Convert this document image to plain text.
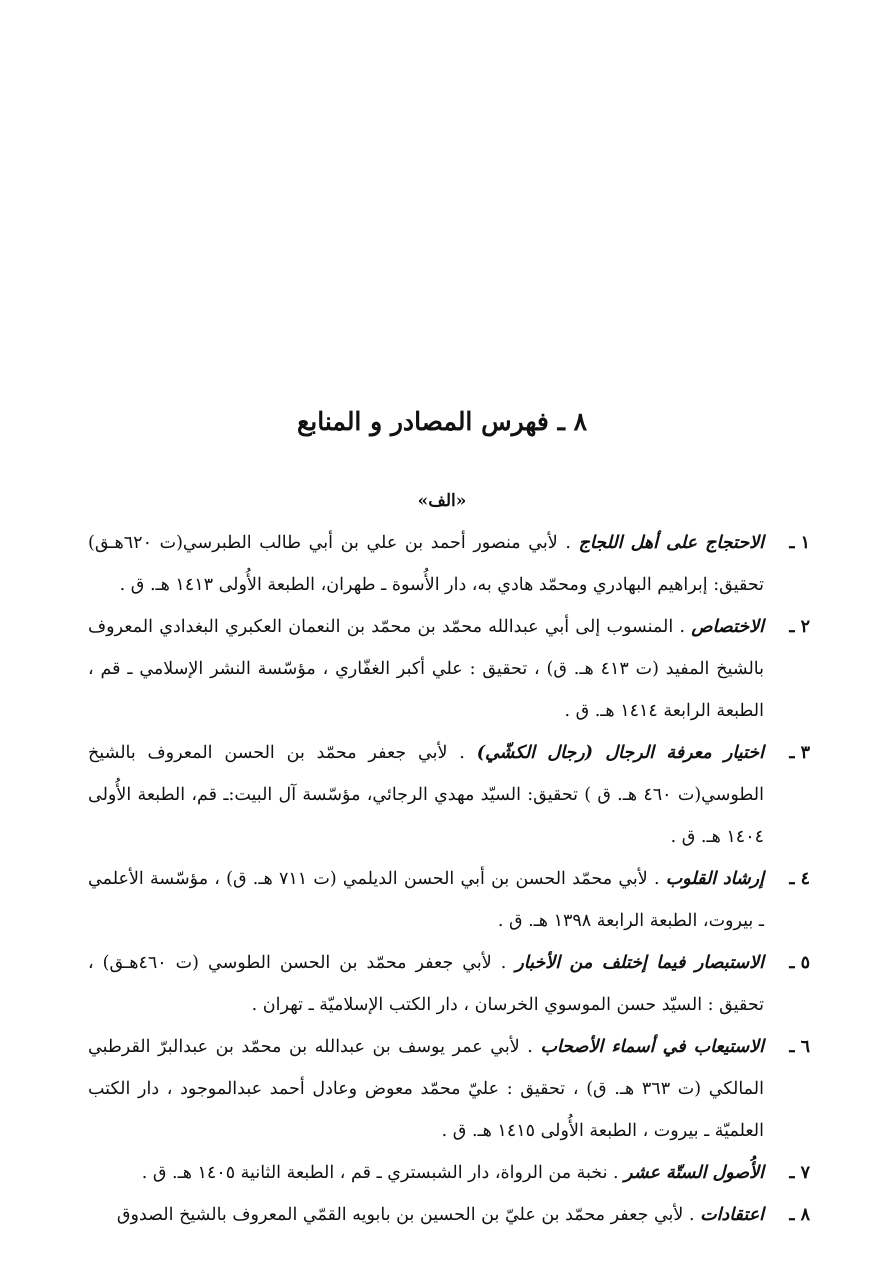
٨ ـ فهرس المصادر و المنابع
«الف»
١ ـ
الاحتجاج على أهل اللجاج . لأبي منصور أحمد بن علي بن أبي طالب الطبرسي(ت ٦٢٠هـق) تحقيق: إبراهيم البهادري ومحمّد هادي به، دار الأُسوة ـ طهران، الطبعة الأُولى ١٤١٣ هـ. ق .
٢ ـ
الاختصاص . المنسوب إلى أبي عبدالله محمّد بن محمّد بن النعمان العكبري البغدادي المعروف بالشيخ المفيد (ت ٤١٣ هـ. ق) ، تحقيق : علي أكبر الغفّاري ، مؤسّسة النشر الإسلامي ـ قم ، الطبعة الرابعة ١٤١٤ هـ. ق .
٣ ـ
اختيار معرفة الرجال (رجال الكشّي) . لأبي جعفر محمّد بن الحسن المعروف بالشيخ الطوسي(ت ٤٦٠ هـ. ق ) تحقيق: السيّد مهدي الرجائي، مؤسّسة آل البيت:ـ قم، الطبعة الأُولى ١٤٠٤ هـ. ق .
٤ ـ
إرشاد القلوب . لأبي محمّد الحسن بن أبي الحسن الديلمي (ت ٧١١ هـ. ق) ، مؤسّسة الأعلمي ـ بيروت، الطبعة الرابعة ١٣٩٨ هـ. ق .
٥ ـ
الاستبصار فيما إختلف من الأخبار . لأبي جعفر محمّد بن الحسن الطوسي (ت ٤٦٠هـق) ، تحقيق : السيّد حسن الموسوي الخرسان ، دار الكتب الإسلاميّة ـ تهران .
٦ ـ
الاستيعاب في أسماء الأصحاب . لأبي عمر يوسف بن عبدالله بن محمّد بن عبدالبرّ القرطبي المالكي (ت ٣٦٣ هـ. ق) ، تحقيق : عليّ محمّد معوض وعادل أحمد عبدالموجود ، دار الكتب العلميّة ـ بيروت ، الطبعة الأُولى ١٤١٥ هـ. ق .
٧ ـ
الأُصول الستّة عشر . نخبة من الرواة، دار الشبستري ـ قم ، الطبعة الثانية ١٤٠٥ هـ. ق .
٨ ـ
اعتقادات . لأبي جعفر محمّد بن عليّ بن الحسين بن بابويه القمّي المعروف بالشيخ الصدوق
